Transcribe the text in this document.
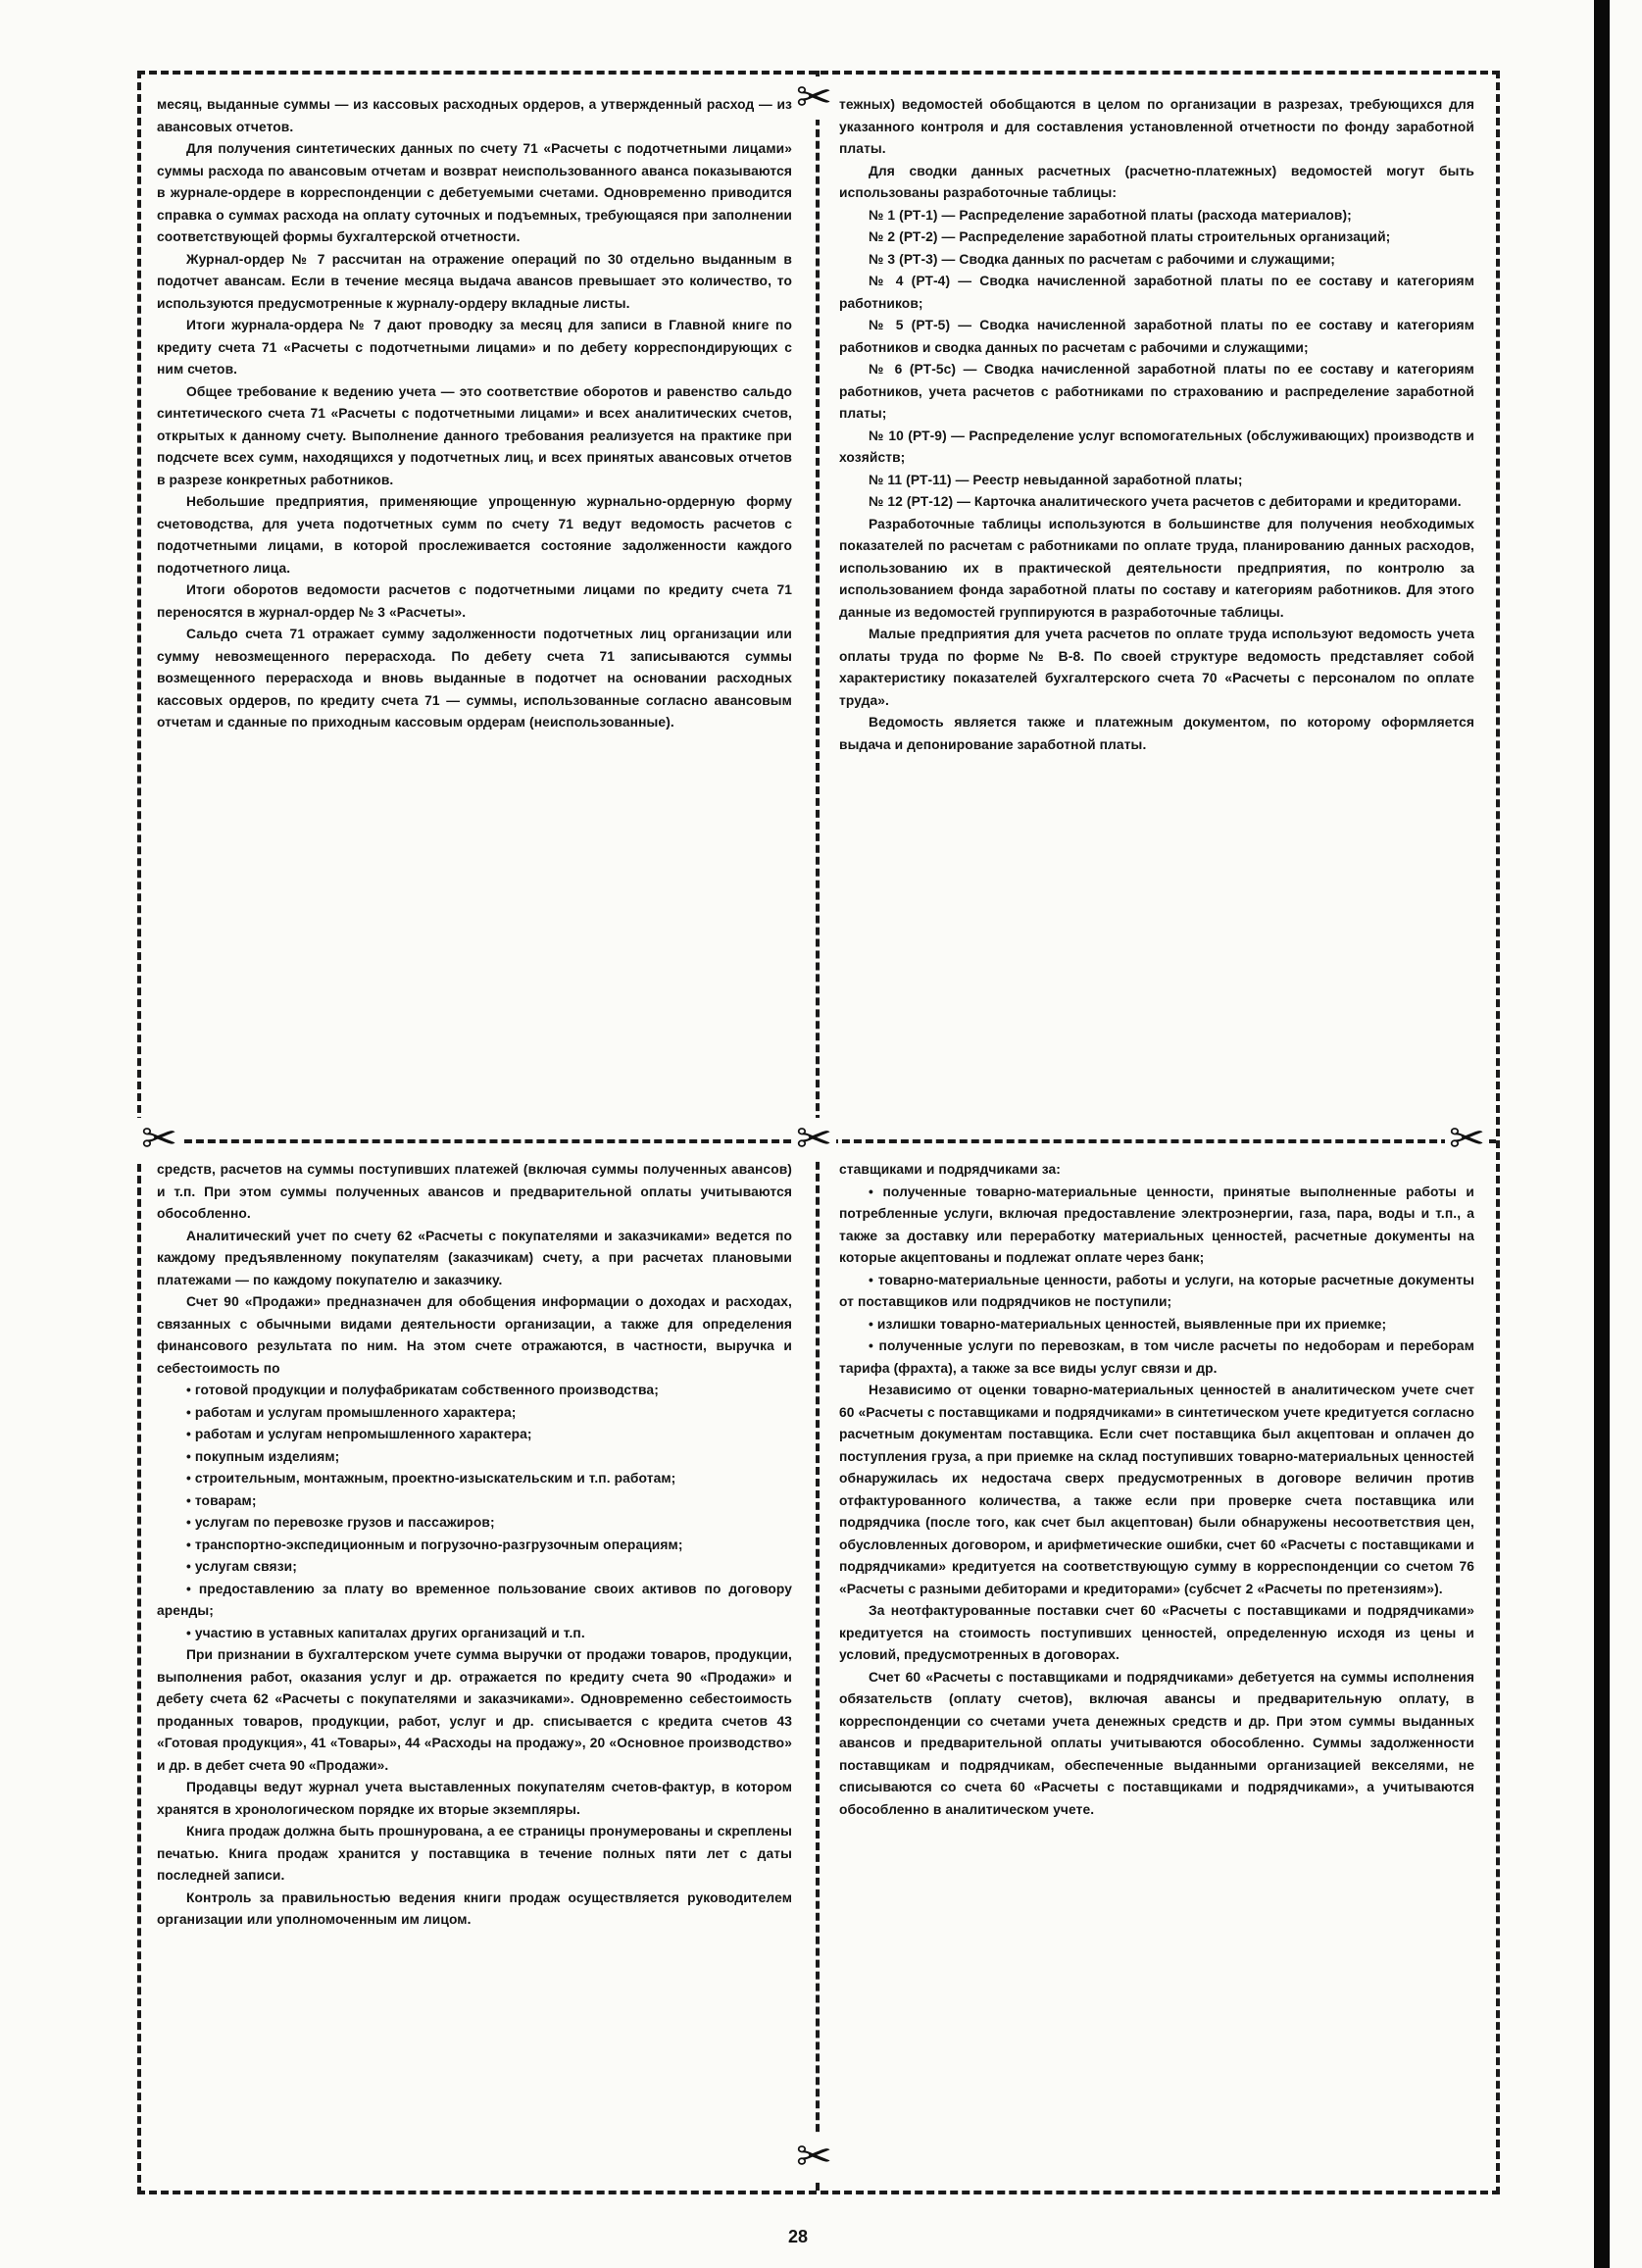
✂
✂	✂	✂
✂

месяц, выданные суммы — из кассовых расходных ордеров, а утвержденный расход — из авансовых отчетов.

Для получения синтетических данных по счету 71 «Расчеты с подотчетными лицами» суммы расхода по авансовым отчетам и возврат неиспользованного аванса показываются в журнале-ордере в корреспонденции с дебетуемыми счетами. Одновременно приводится справка о суммах расхода на оплату суточных и подъемных, требующаяся при заполнении соответствующей формы бухгалтерской отчетности.

Журнал-ордер № 7 рассчитан на отражение операций по 30 отдельно выданным в подотчет авансам. Если в течение месяца выдача авансов превышает это количество, то используются предусмотренные к журналу-ордеру вкладные листы.

Итоги журнала-ордера № 7 дают проводку за месяц для записи в Главной книге по кредиту счета 71 «Расчеты с подотчетными лицами» и по дебету корреспондирующих с ним счетов.

Общее требование к ведению учета — это соответствие оборотов и равенство сальдо синтетического счета 71 «Расчеты с подотчетными лицами» и всех аналитических счетов, открытых к данному счету. Выполнение данного требования реализуется на практике при подсчете всех сумм, находящихся у подотчетных лиц, и всех принятых авансовых отчетов в разрезе конкретных работников.

Небольшие предприятия, применяющие упрощенную журнально-ордерную форму счетоводства, для учета подотчетных сумм по счету 71 ведут ведомость расчетов с подотчетными лицами, в которой прослеживается состояние задолженности каждого подотчетного лица.

Итоги оборотов ведомости расчетов с подотчетными лицами по кредиту счета 71 переносятся в журнал-ордер № 3 «Расчеты».

Сальдо счета 71 отражает сумму задолженности подотчетных лиц организации или сумму невозмещенного перерасхода. По дебету счета 71 записываются суммы возмещенного перерасхода и вновь выданные в подотчет на основании расходных кассовых ордеров, по кредиту счета 71 — суммы, использованные согласно авансовым отчетам и сданные по приходным кассовым ордерам (неиспользованные).

тежных) ведомостей обобщаются в целом по организации в разрезах, требующихся для указанного контроля и для составления установленной отчетности по фонду заработной платы.

Для сводки данных расчетных (расчетно-платежных) ведомостей могут быть использованы разработочные таблицы:

№ 1 (РТ-1) — Распределение заработной платы (расхода материалов);

№ 2 (РТ-2) — Распределение заработной платы строительных организаций;

№ 3 (РТ-3) — Сводка данных по расчетам с рабочими и служащими;

№ 4 (РТ-4) — Сводка начисленной заработной платы по ее составу и категориям работников;

№ 5 (РТ-5) — Сводка начисленной заработной платы по ее составу и категориям работников и сводка данных по расчетам с рабочими и служащими;

№ 6 (РТ-5с) — Сводка начисленной заработной платы по ее составу и категориям работников, учета расчетов с работниками по страхованию и распределение заработной платы;

№ 10 (РТ-9) — Распределение услуг вспомогательных (обслуживающих) производств и хозяйств;

№ 11 (РТ-11) — Реестр невыданной заработной платы;

№ 12 (РТ-12) — Карточка аналитического учета расчетов с дебиторами и кредиторами.

Разработочные таблицы используются в большинстве для получения необходимых показателей по расчетам с работниками по оплате труда, планированию данных расходов, использованию их в практической деятельности предприятия, по контролю за использованием фонда заработной платы по составу и категориям работников. Для этого данные из ведомостей группируются в разработочные таблицы.

Малые предприятия для учета расчетов по оплате труда используют ведомость учета оплаты труда по форме № В-8. По своей структуре ведомость представляет собой характеристику показателей бухгалтерского счета 70 «Расчеты с персоналом по оплате труда».

Ведомость является также и платежным документом, по которому оформляется выдача и депонирование заработной платы.

средств, расчетов на суммы поступивших платежей (включая суммы полученных авансов) и т.п. При этом суммы полученных авансов и предварительной оплаты учитываются обособленно.

Аналитический учет по счету 62 «Расчеты с покупателями и заказчиками» ведется по каждому предъявленному покупателям (заказчикам) счету, а при расчетах плановыми платежами — по каждому покупателю и заказчику.

Счет 90 «Продажи» предназначен для обобщения информации о доходах и расходах, связанных с обычными видами деятельности организации, а также для определения финансового результата по ним. На этом счете отражаются, в частности, выручка и себестоимость по

• готовой продукции и полуфабрикатам собственного производства;

• работам и услугам промышленного характера;

• работам и услугам непромышленного характера;

• покупным изделиям;

• строительным, монтажным, проектно-изыскательским и т.п. работам;

• товарам;

• услугам по перевозке грузов и пассажиров;

• транспортно-экспедиционным и погрузочно-разгрузочным операциям;

• услугам связи;

• предоставлению за плату во временное пользование своих активов по договору аренды;

• участию в уставных капиталах других организаций и т.п.

При признании в бухгалтерском учете сумма выручки от продажи товаров, продукции, выполнения работ, оказания услуг и др. отражается по кредиту счета 90 «Продажи» и дебету счета 62 «Расчеты с покупателями и заказчиками». Одновременно себестоимость проданных товаров, продукции, работ, услуг и др. списывается с кредита счетов 43 «Готовая продукция», 41 «Товары», 44 «Расходы на продажу», 20 «Основное производство» и др. в дебет счета 90 «Продажи».

Продавцы ведут журнал учета выставленных покупателям счетов-фактур, в котором хранятся в хронологическом порядке их вторые экземпляры.

Книга продаж должна быть прошнурована, а ее страницы пронумерованы и скреплены печатью. Книга продаж хранится у поставщика в течение полных пяти лет с даты последней записи.

Контроль за правильностью ведения книги продаж осуществляется руководителем организации или уполномоченным им лицом.

ставщиками и подрядчиками за:

• полученные товарно-материальные ценности, принятые выполненные работы и потребленные услуги, включая предоставление электроэнергии, газа, пара, воды и т.п., а также за доставку или переработку материальных ценностей, расчетные документы на которые акцептованы и подлежат оплате через банк;

• товарно-материальные ценности, работы и услуги, на которые расчетные документы от поставщиков или подрядчиков не поступили;

• излишки товарно-материальных ценностей, выявленные при их приемке;

• полученные услуги по перевозкам, в том числе расчеты по недоборам и переборам тарифа (фрахта), а также за все виды услуг связи и др.

Независимо от оценки товарно-материальных ценностей в аналитическом учете счет 60 «Расчеты с поставщиками и подрядчиками» в синтетическом учете кредитуется согласно расчетным документам поставщика. Если счет поставщика был акцептован и оплачен до поступления груза, а при приемке на склад поступивших товарно-материальных ценностей обнаружилась их недостача сверх предусмотренных в договоре величин против отфактурованного количества, а также если при проверке счета поставщика или подрядчика (после того, как счет был акцептован) были обнаружены несоответствия цен, обусловленных договором, и арифметические ошибки, счет 60 «Расчеты с поставщиками и подрядчиками» кредитуется на соответствующую сумму в корреспонденции со счетом 76 «Расчеты с разными дебиторами и кредиторами» (субсчет 2 «Расчеты по претензиям»).

За неотфактурованные поставки счет 60 «Расчеты с поставщиками и подрядчиками» кредитуется на стоимость поступивших ценностей, определенную исходя из цены и условий, предусмотренных в договорах.

Счет 60 «Расчеты с поставщиками и подрядчиками» дебетуется на суммы исполнения обязательств (оплату счетов), включая авансы и предварительную оплату, в корреспонденции со счетами учета денежных средств и др. При этом суммы выданных авансов и предварительной оплаты учитываются обособленно. Суммы задолженности поставщикам и подрядчикам, обеспеченные выданными организацией векселями, не списываются со счета 60 «Расчеты с поставщиками и подрядчиками», а учитываются обособленно в аналитическом учете.

28
